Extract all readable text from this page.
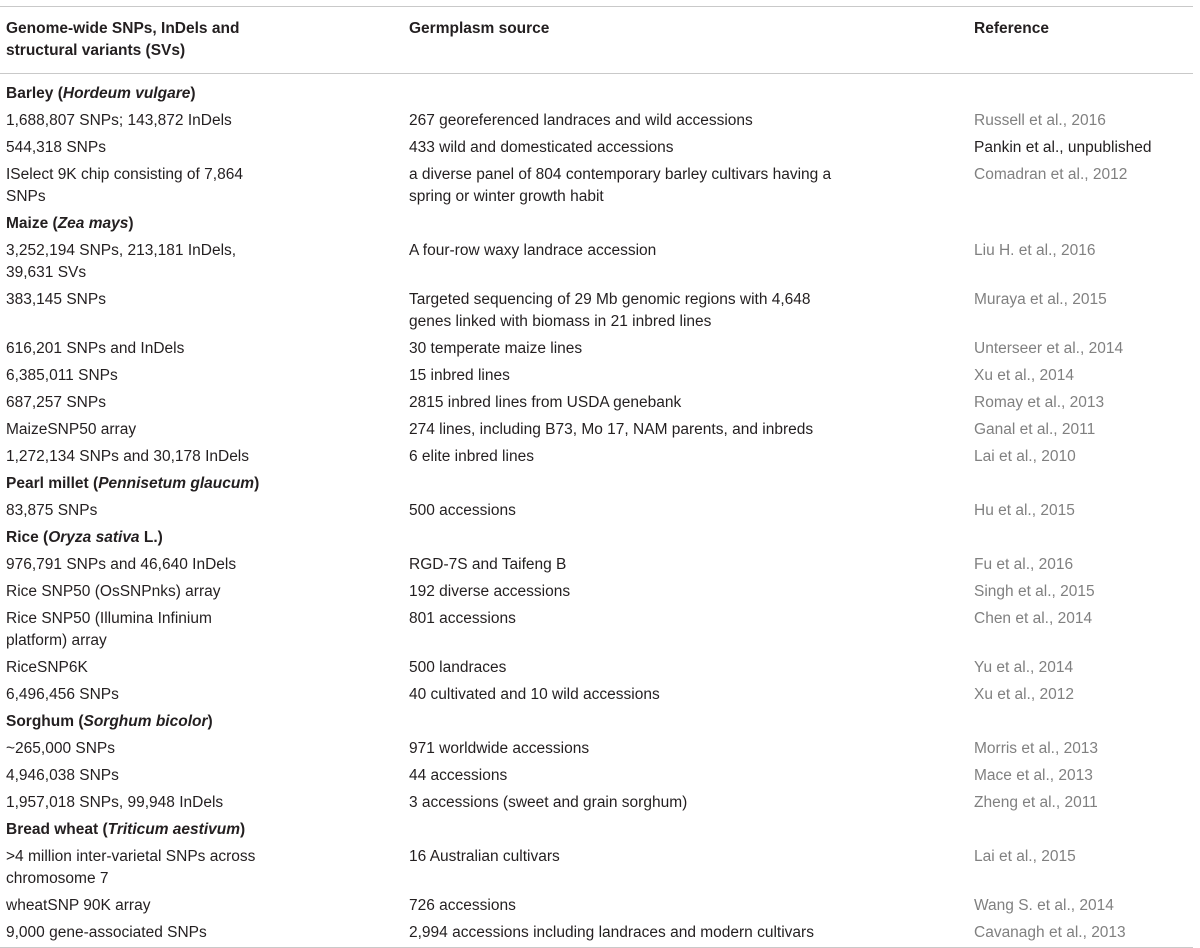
Genome-wide SNPs, InDels and structural variants (SVs)	Germplasm source	Reference
Barley (Hordeum vulgare)		
1,688,807 SNPs; 143,872 InDels	267 georeferenced landraces and wild accessions	Russell et al., 2016
544,318 SNPs	433 wild and domesticated accessions	Pankin et al., unpublished
ISelect 9K chip consisting of 7,864 SNPs	a diverse panel of 804 contemporary barley cultivars having a spring or winter growth habit	Comadran et al., 2012
Maize (Zea mays)		
3,252,194 SNPs, 213,181 InDels, 39,631 SVs	A four-row waxy landrace accession	Liu H. et al., 2016
383,145 SNPs	Targeted sequencing of 29 Mb genomic regions with 4,648 genes linked with biomass in 21 inbred lines	Muraya et al., 2015
616,201 SNPs and InDels	30 temperate maize lines	Unterseer et al., 2014
6,385,011 SNPs	15 inbred lines	Xu et al., 2014
687,257 SNPs	2815 inbred lines from USDA genebank	Romay et al., 2013
MaizeSNP50 array	274 lines, including B73, Mo 17, NAM parents, and inbreds	Ganal et al., 2011
1,272,134 SNPs and 30,178 InDels	6 elite inbred lines	Lai et al., 2010
Pearl millet (Pennisetum glaucum)		
83,875 SNPs	500 accessions	Hu et al., 2015
Rice (Oryza sativa L.)		
976,791 SNPs and 46,640 InDels	RGD-7S and Taifeng B	Fu et al., 2016
Rice SNP50 (OsSNPnks) array	192 diverse accessions	Singh et al., 2015
Rice SNP50 (Illumina Infinium platform) array	801 accessions	Chen et al., 2014
RiceSNP6K	500 landraces	Yu et al., 2014
6,496,456 SNPs	40 cultivated and 10 wild accessions	Xu et al., 2012
Sorghum (Sorghum bicolor)		
~265,000 SNPs	971 worldwide accessions	Morris et al., 2013
4,946,038 SNPs	44 accessions	Mace et al., 2013
1,957,018 SNPs, 99,948 InDels	3 accessions (sweet and grain sorghum)	Zheng et al., 2011
Bread wheat (Triticum aestivum)		
>4 million inter-varietal SNPs across chromosome 7	16 Australian cultivars	Lai et al., 2015
wheatSNP 90K array	726 accessions	Wang S. et al., 2014
9,000 gene-associated SNPs	2,994 accessions including landraces and modern cultivars	Cavanagh et al., 2013
